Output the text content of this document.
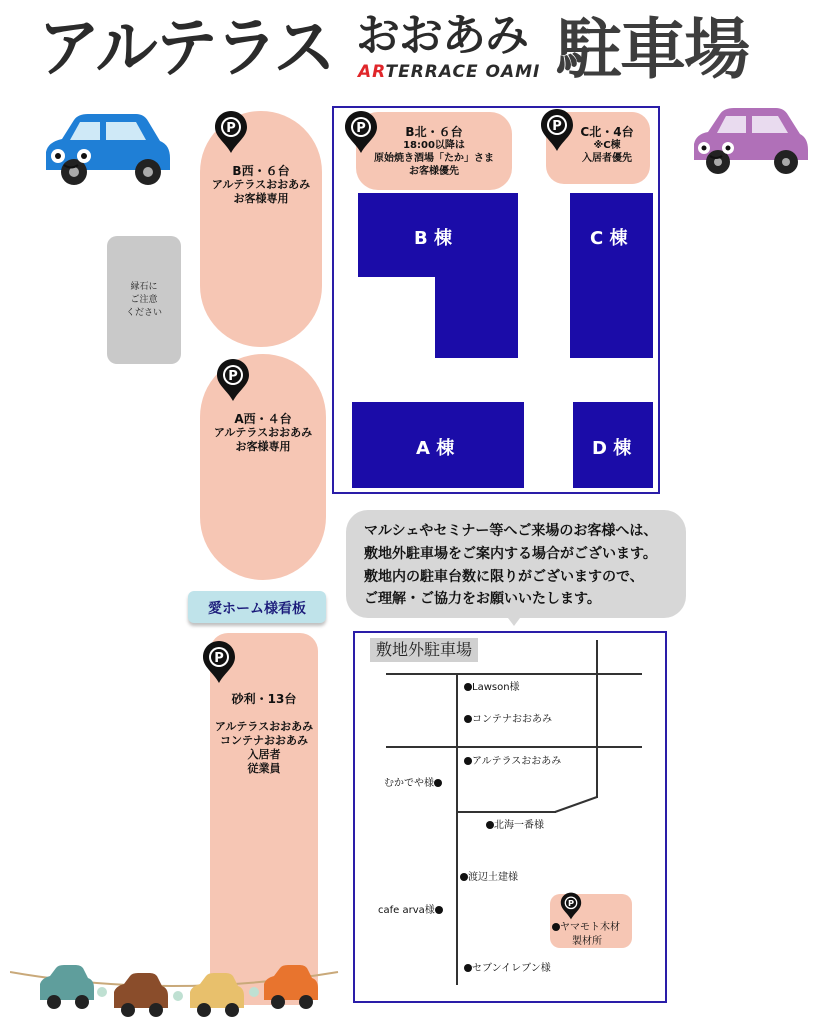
アルテラス おおあみ
ARTERRACE OAMI 駐車場
縁石に
ご注意
ください
B西・６台
アルテラスおおあみ
お客様専用
A西・４台
アルテラスおおあみ
お客様専用
B北・６台
18:00以降は
原始焼き酒場「たか」さま
お客様優先
C北・4台
※C棟
入居者優先
B 棟	C 棟
A 棟	D 棟
愛ホーム様看板
マルシェやセミナー等へご来場のお客様へは、
敷地外駐車場をご案内する場合がございます。
敷地内の駐車台数に限りがございますので、
ご理解・ご協力をお願いいたします。
砂利・13台
アルテラスおおあみ
コンテナおおあみ
入居者
従業員
敷地外駐車場
Lawson様
コンテナおおあみ
アルテラスおおあみ
むかでや様
北海一番様
渡辺土建様
cafe arva様
ヤマモト木材
製材所
セブンイレブン様
